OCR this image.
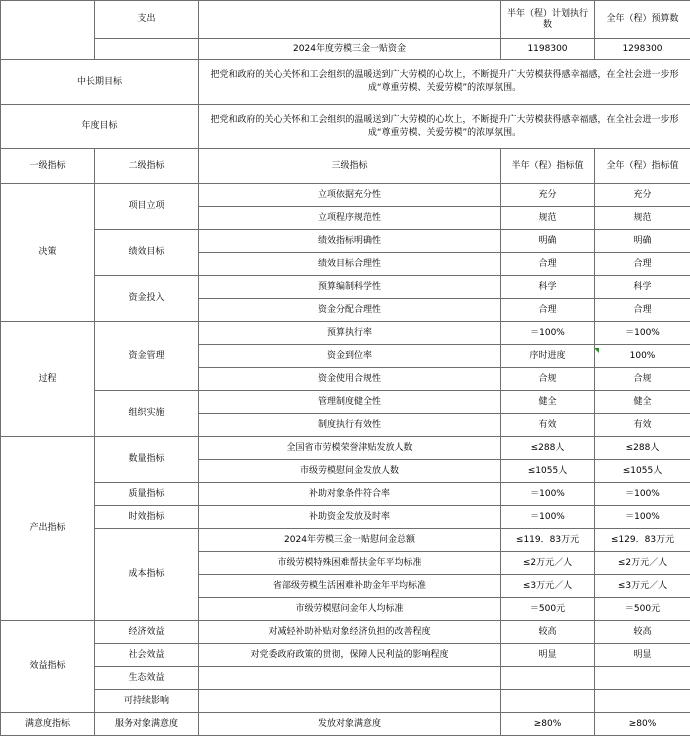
	支出		半年（程）计划执行数	全年（程）预算数
		2024年度劳模三金一贴资金	1198300	1298300
中长期目标		把党和政府的关心关怀和工会组织的温暖送到广大劳模的心坎上，不断提升广大劳模获得感幸福感，在全社会进一步形成“尊重劳模、关爱劳模”的浓厚氛围。		
年度目标		把党和政府的关心关怀和工会组织的温暖送到广大劳模的心坎上，不断提升广大劳模获得感幸福感，在全社会进一步形成“尊重劳模、关爱劳模”的浓厚氛围。		
一级指标	二级指标	三级指标	半年（程）指标值	全年（程）指标值
决策	项目立项	立项依据充分性	充分	充分
		立项程序规范性	规范	规范
	绩效目标	绩效指标明确性	明确	明确
		绩效目标合理性	合理	合理
	资金投入	预算编制科学性	科学	科学
		资金分配合理性	合理	合理
过程	资金管理	预算执行率	＝100%	＝100%
		资金到位率	序时进度	100%
		资金使用合规性	合规	合规
	组织实施	管理制度健全性	健全	健全
		制度执行有效性	有效	有效
产出指标	数量指标	全国省市劳模荣誉津贴发放人数	≤288人	≤288人
		市级劳模慰问金发放人数	≤1055人	≤1055人
	质量指标	补助对象条件符合率	＝100%	＝100%
	时效指标	补助资金发放及时率	＝100%	＝100%
	成本指标	2024年劳模三金一贴慰问金总额	≤119．83万元	≤129．83万元
		市级劳模特殊困难帮扶金年平均标准	≤2万元／人	≤2万元／人
		省部级劳模生活困难补助金年平均标准	≤3万元／人	≤3万元／人
		市级劳模慰问金年人均标准	＝500元	＝500元
效益指标	经济效益	对减轻补助补贴对象经济负担的改善程度	较高	较高
	社会效益	对党委政府政策的贯彻，保障人民利益的影响程度	明显	明显
	生态效益			
	可持续影响			
满意度指标	服务对象满意度	发放对象满意度	≥80%	≥80%
